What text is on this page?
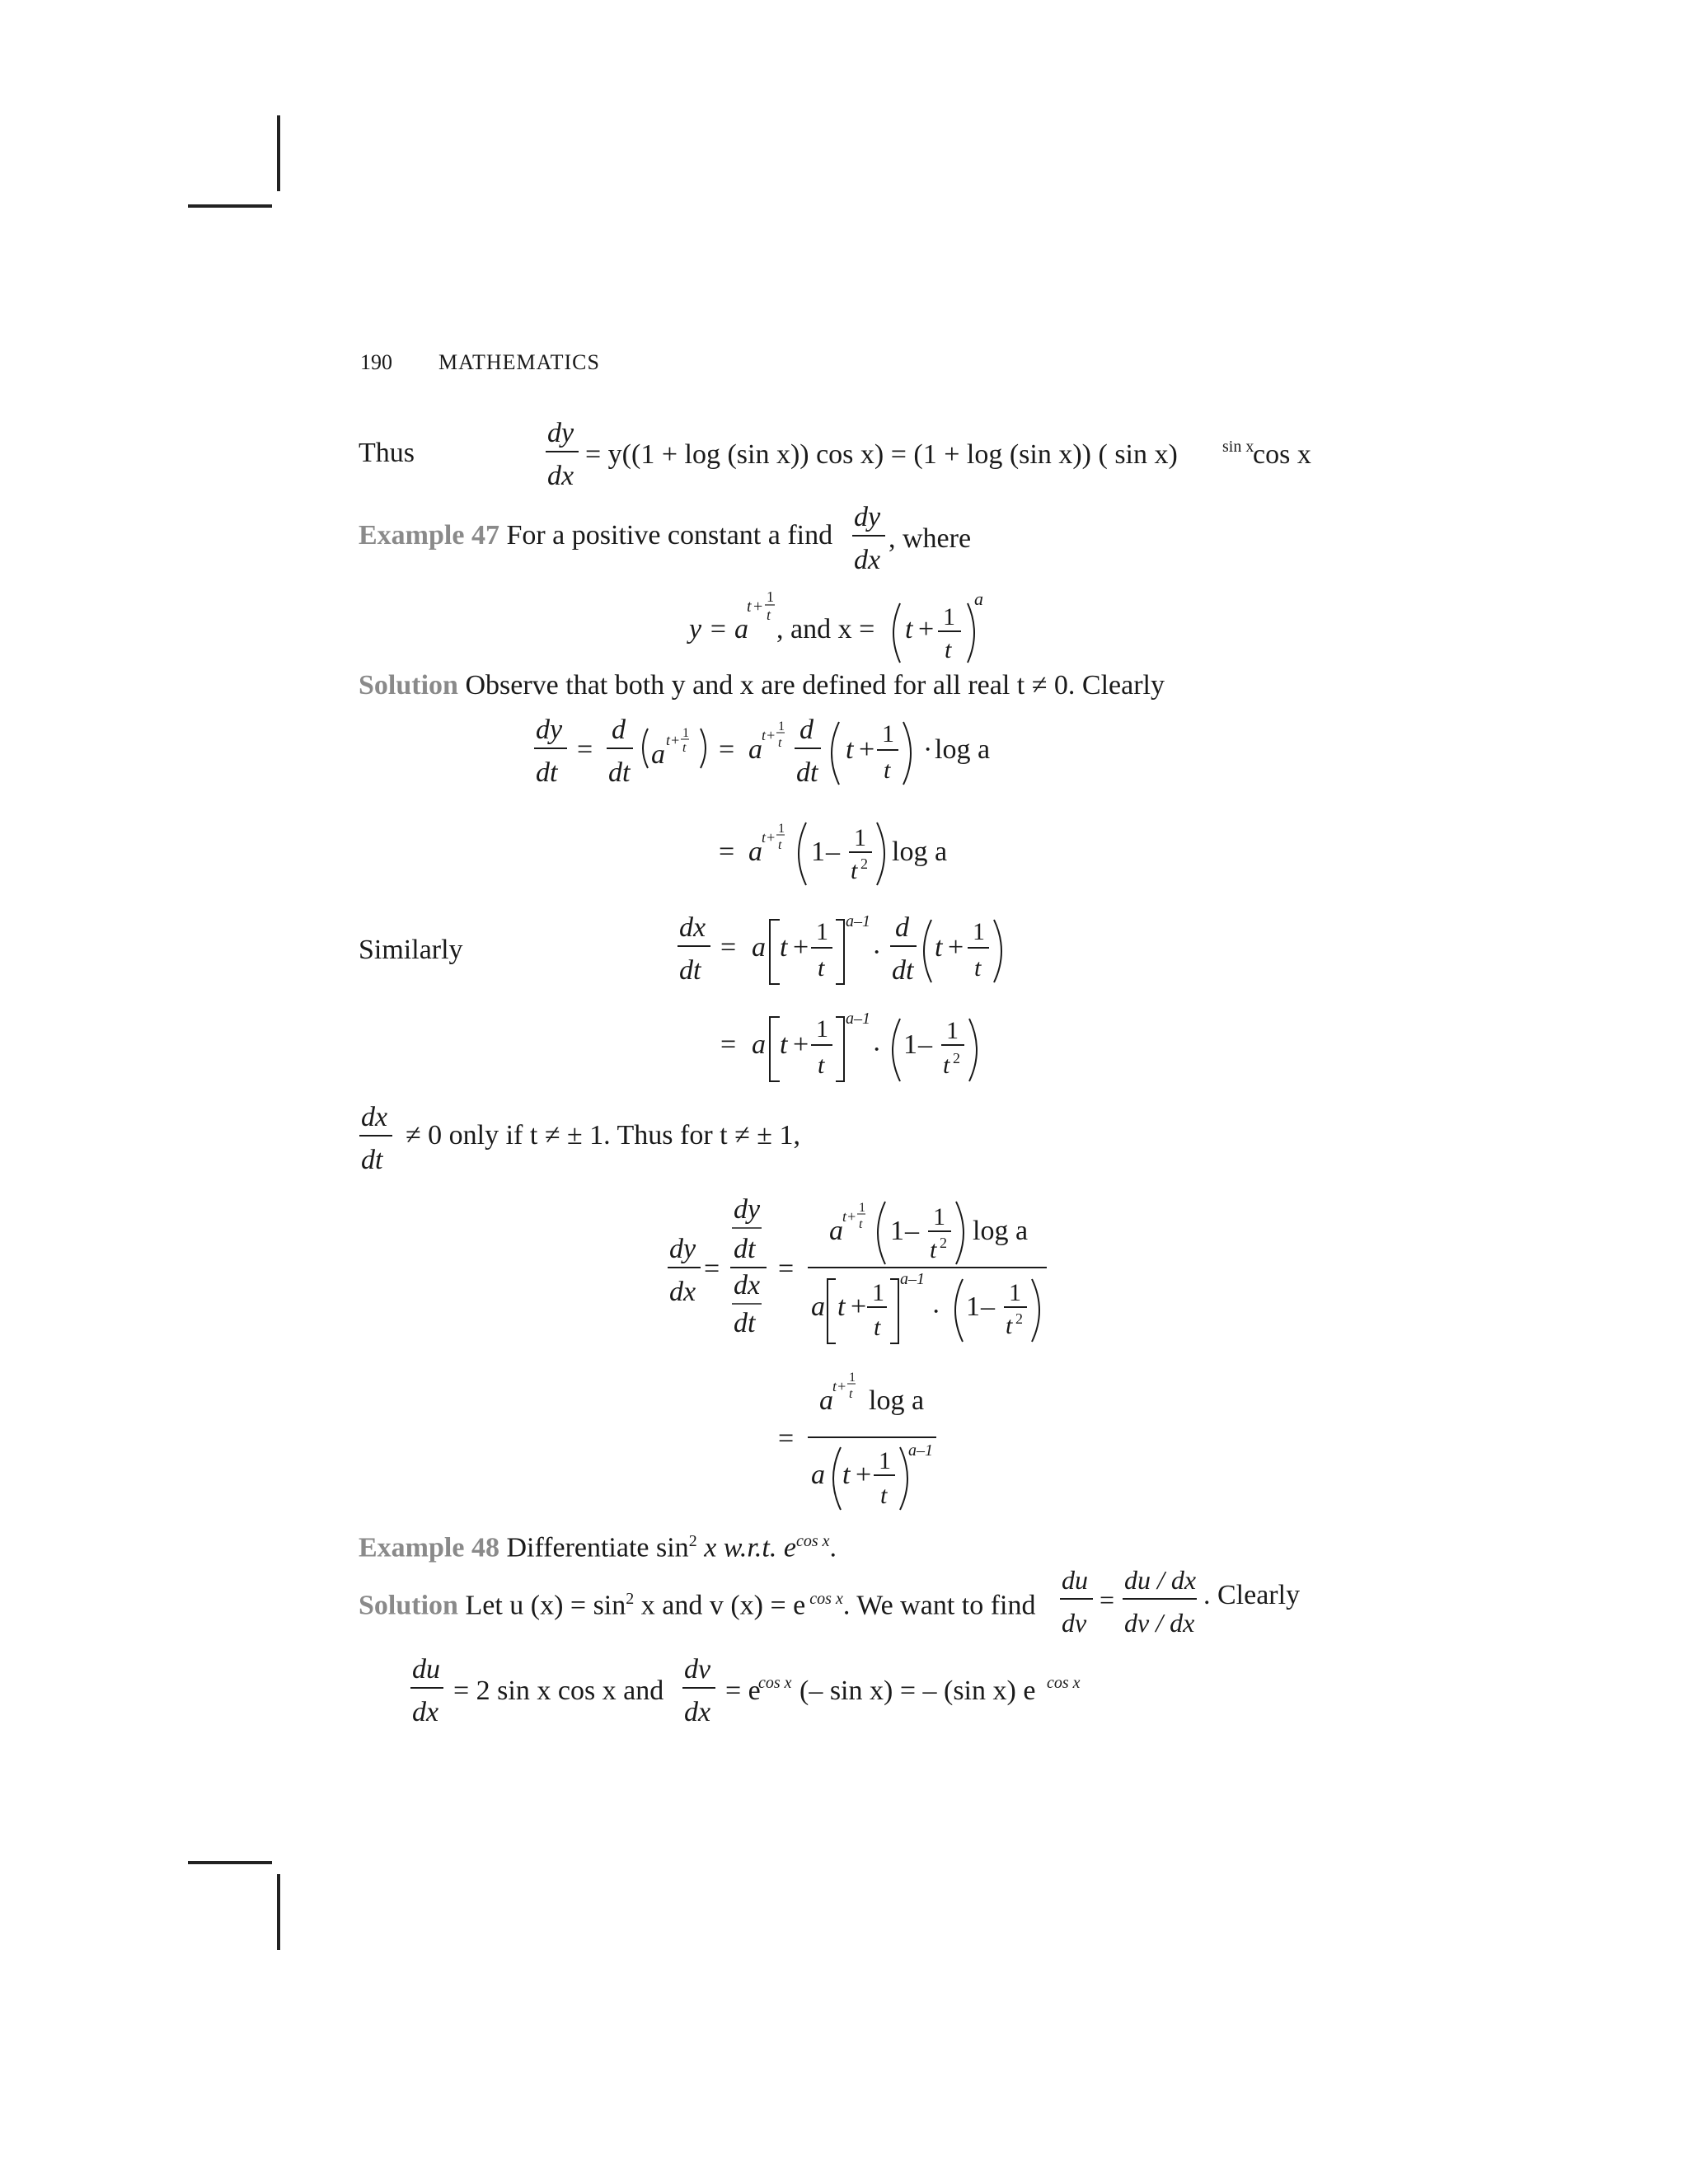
190 MATHEMATICS
Thus
dy
dx
= y((1 + log (sin x)) cos x) = (1 + log (sin x)) ( sin x)	sin x
cos x
Example 47 For a positive constant a find
dy
dx
, where
y = a
t +
1
t , and x = t + 1
t
a
Solution Observe that both y and x are defined for all real t ≠ 0. Clearly
dy
dt
=
d
dt
a t+ 1
t = a t+
1
t d
dt
t +
1
t
· log a
= a t+
1
t 1 – 1
t 2 log a
Similarly
dx
dt
= a t +
1
t
a–1
·
d
dt
t +
1
t
= a t +
1
t
a–1
· 1 – 1
t 2
dx
dt
≠ 0 only if t ≠ ± 1. Thus for t ≠ ± 1,
dy
dx
=
dy
dt
dx
dt
=
a t+
1
t 1 – 1
t 2 log a
a t + 1
t
a–1
· 1 – 1
t 2
=
a t+
1
t log a
a t + 1
t
a–1
Example 48 Differentiate $\sin^2 x$ w.r.t. $e^{cos x}$.
Solution Let u $(x) = \sin^2 x$ and v (x) = e $^{cos x}$. We want to find
du
dv
=
du / dx
dv / dx
. Clearly
du
dx
= 2 sin x cos x and
dv
dx
= e
cos x (– sin x) = – (sin x) e cos x
